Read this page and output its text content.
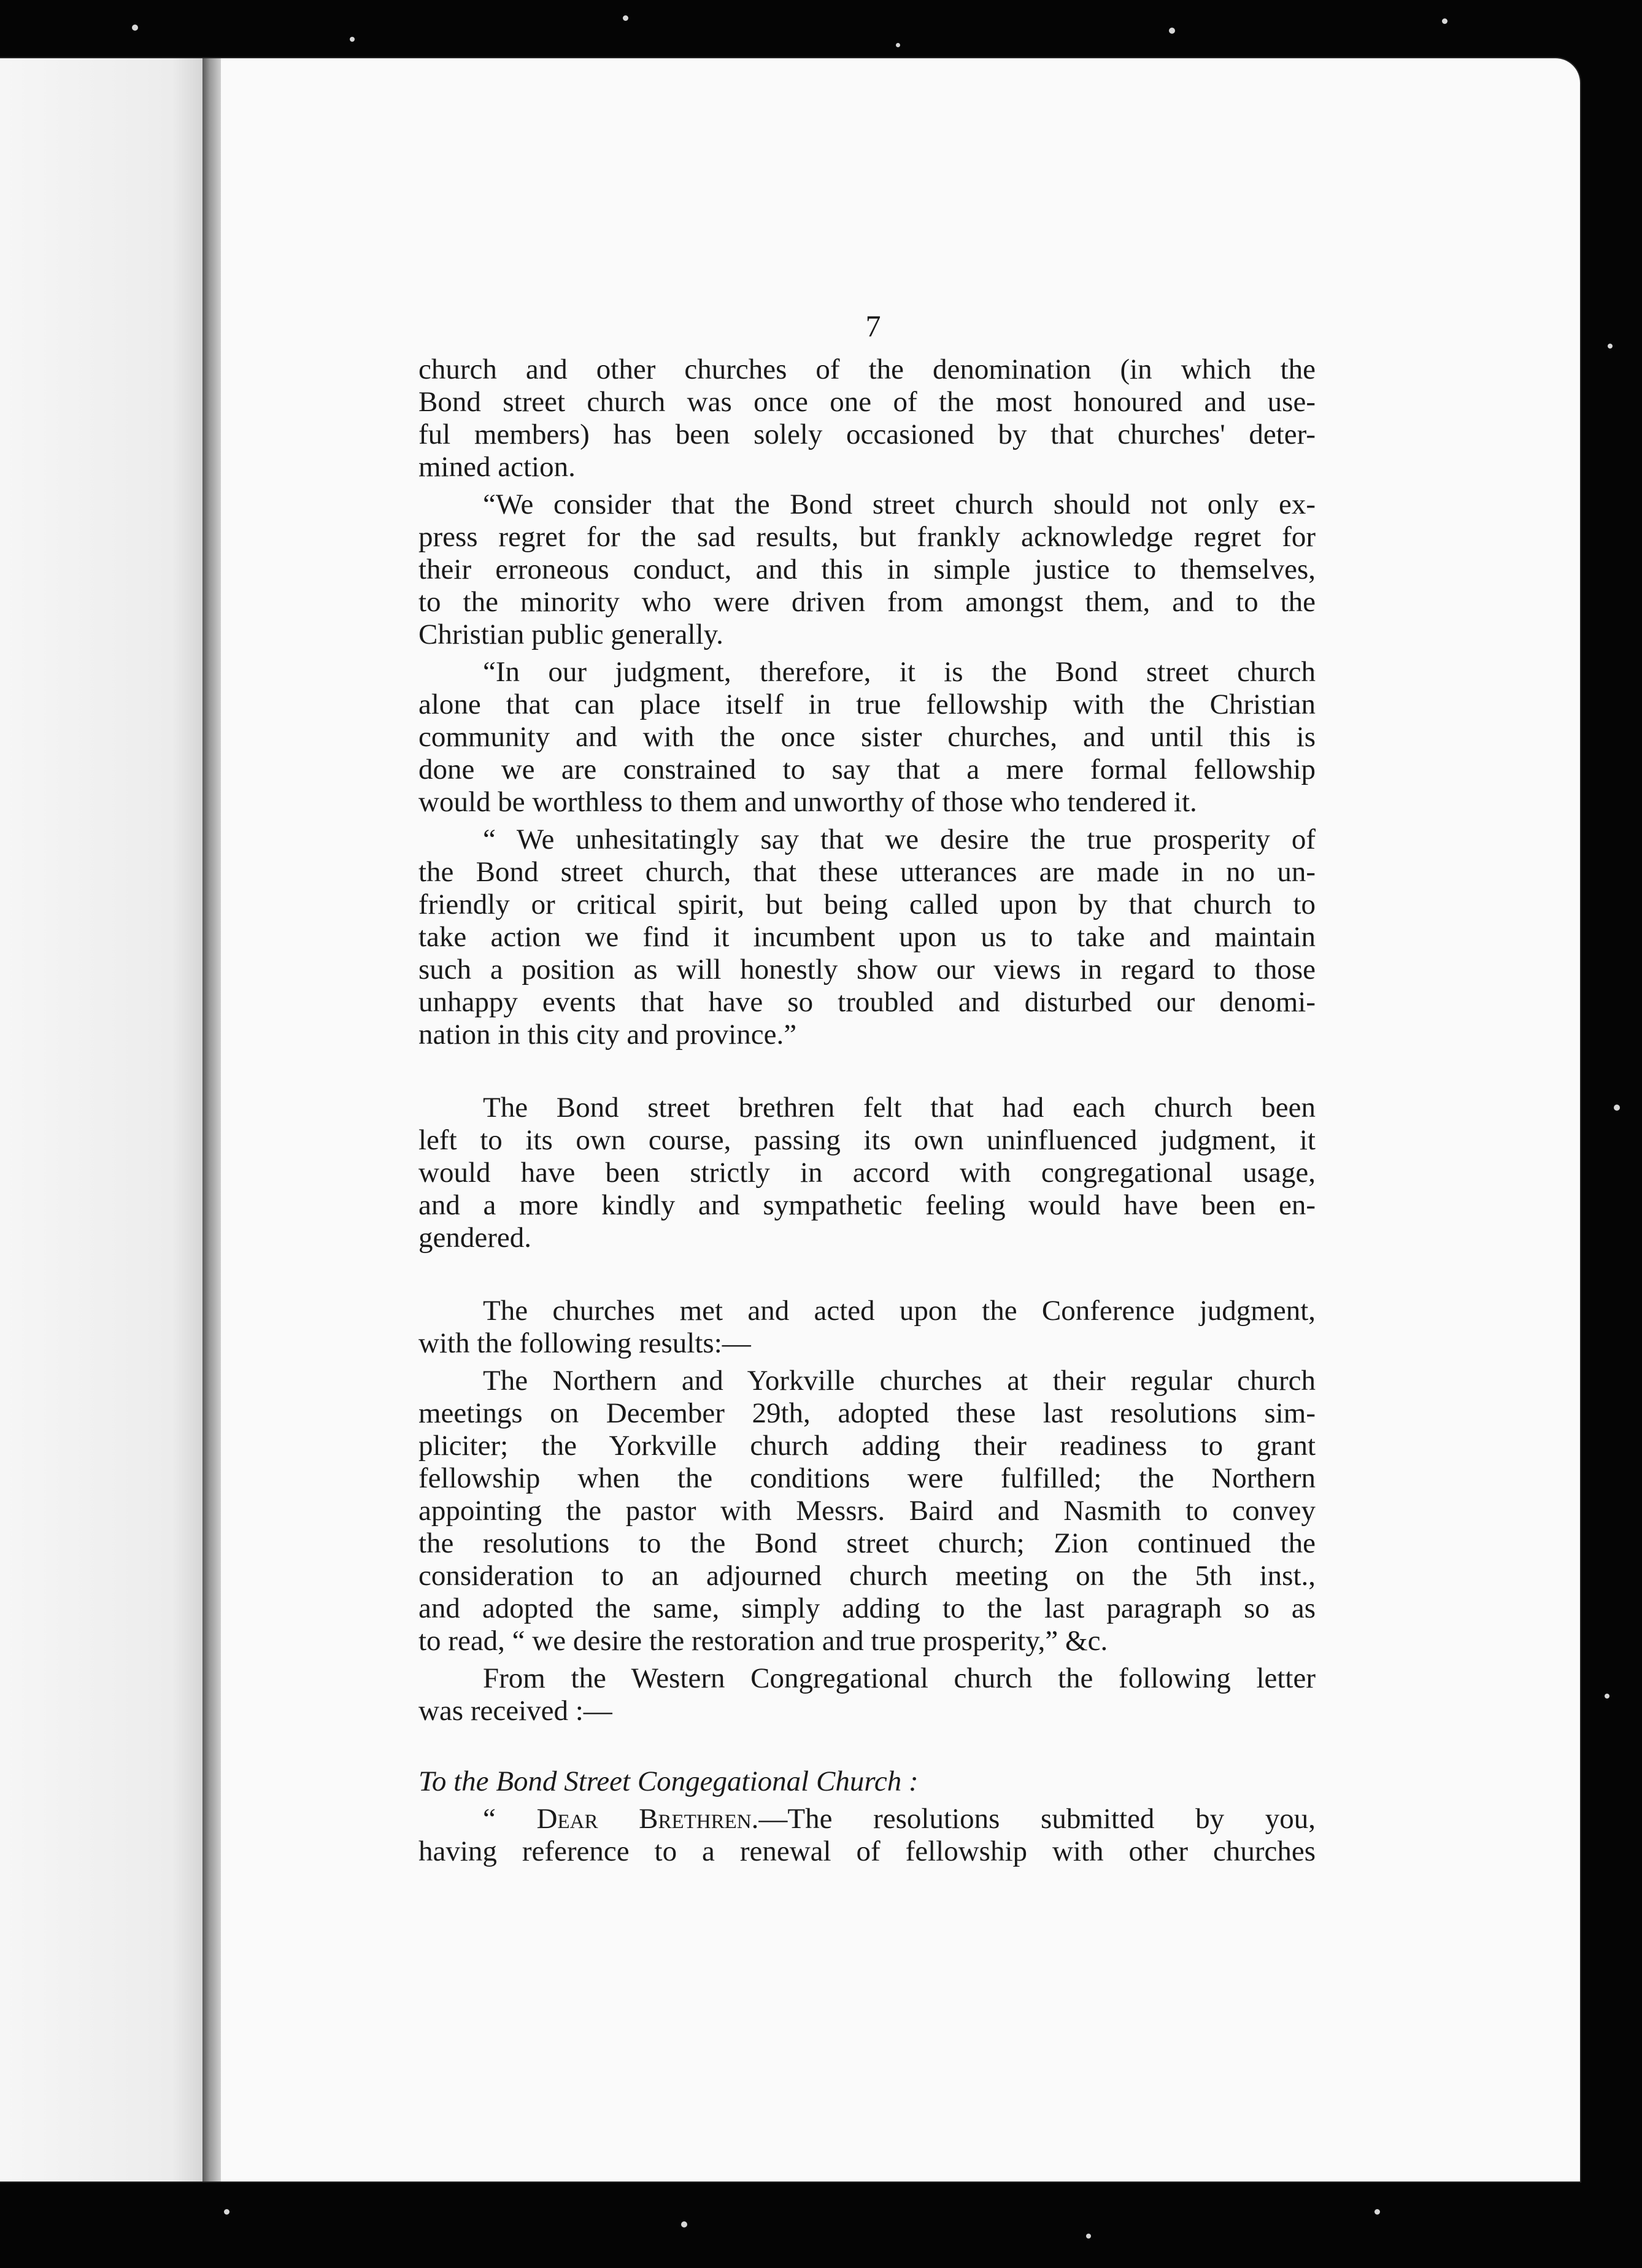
7
church and other churches of the denomination (in which the
Bond street church was once one of the most honoured and use-
ful members) has been solely occasioned by that churches' deter-
mined action.
“We consider that the Bond street church should not only ex-
press regret for the sad results, but frankly acknowledge regret for
their erroneous conduct, and this in simple justice to themselves,
to the minority who were driven from amongst them, and to the
Christian public generally.
“In our judgment, therefore, it is the Bond street church
alone that can place itself in true fellowship with the Christian
community and with the once sister churches, and until this is
done we are constrained to say that a mere formal fellowship
would be worthless to them and unworthy of those who tendered it.
“ We unhesitatingly say that we desire the true prosperity of
the Bond street church, that these utterances are made in no un-
friendly or critical spirit, but being called upon by that church to
take action we find it incumbent upon us to take and maintain
such a position as will honestly show our views in regard to those
unhappy events that have so troubled and disturbed our denomi-
nation in this city and province.”
The Bond street brethren felt that had each church been
left to its own course, passing its own uninfluenced judgment, it
would have been strictly in accord with congregational usage,
and a more kindly and sympathetic feeling would have been en-
gendered.
The churches met and acted upon the Conference judgment,
with the following results:—
The Northern and Yorkville churches at their regular church
meetings on December 29th, adopted these last resolutions sim-
pliciter; the Yorkville church adding their readiness to grant
fellowship when the conditions were fulfilled; the Northern
appointing the pastor with Messrs. Baird and Nasmith to convey
the resolutions to the Bond street church; Zion continued the
consideration to an adjourned church meeting on the 5th inst.,
and adopted the same, simply adding to the last paragraph so as
to read, “ we desire the restoration and true prosperity,” &c.
From the Western Congregational church the following letter
was received :—
To the Bond Street Congegational Church :
“ Dear Brethren.—The resolutions submitted by you,
having reference to a renewal of fellowship with other churches
